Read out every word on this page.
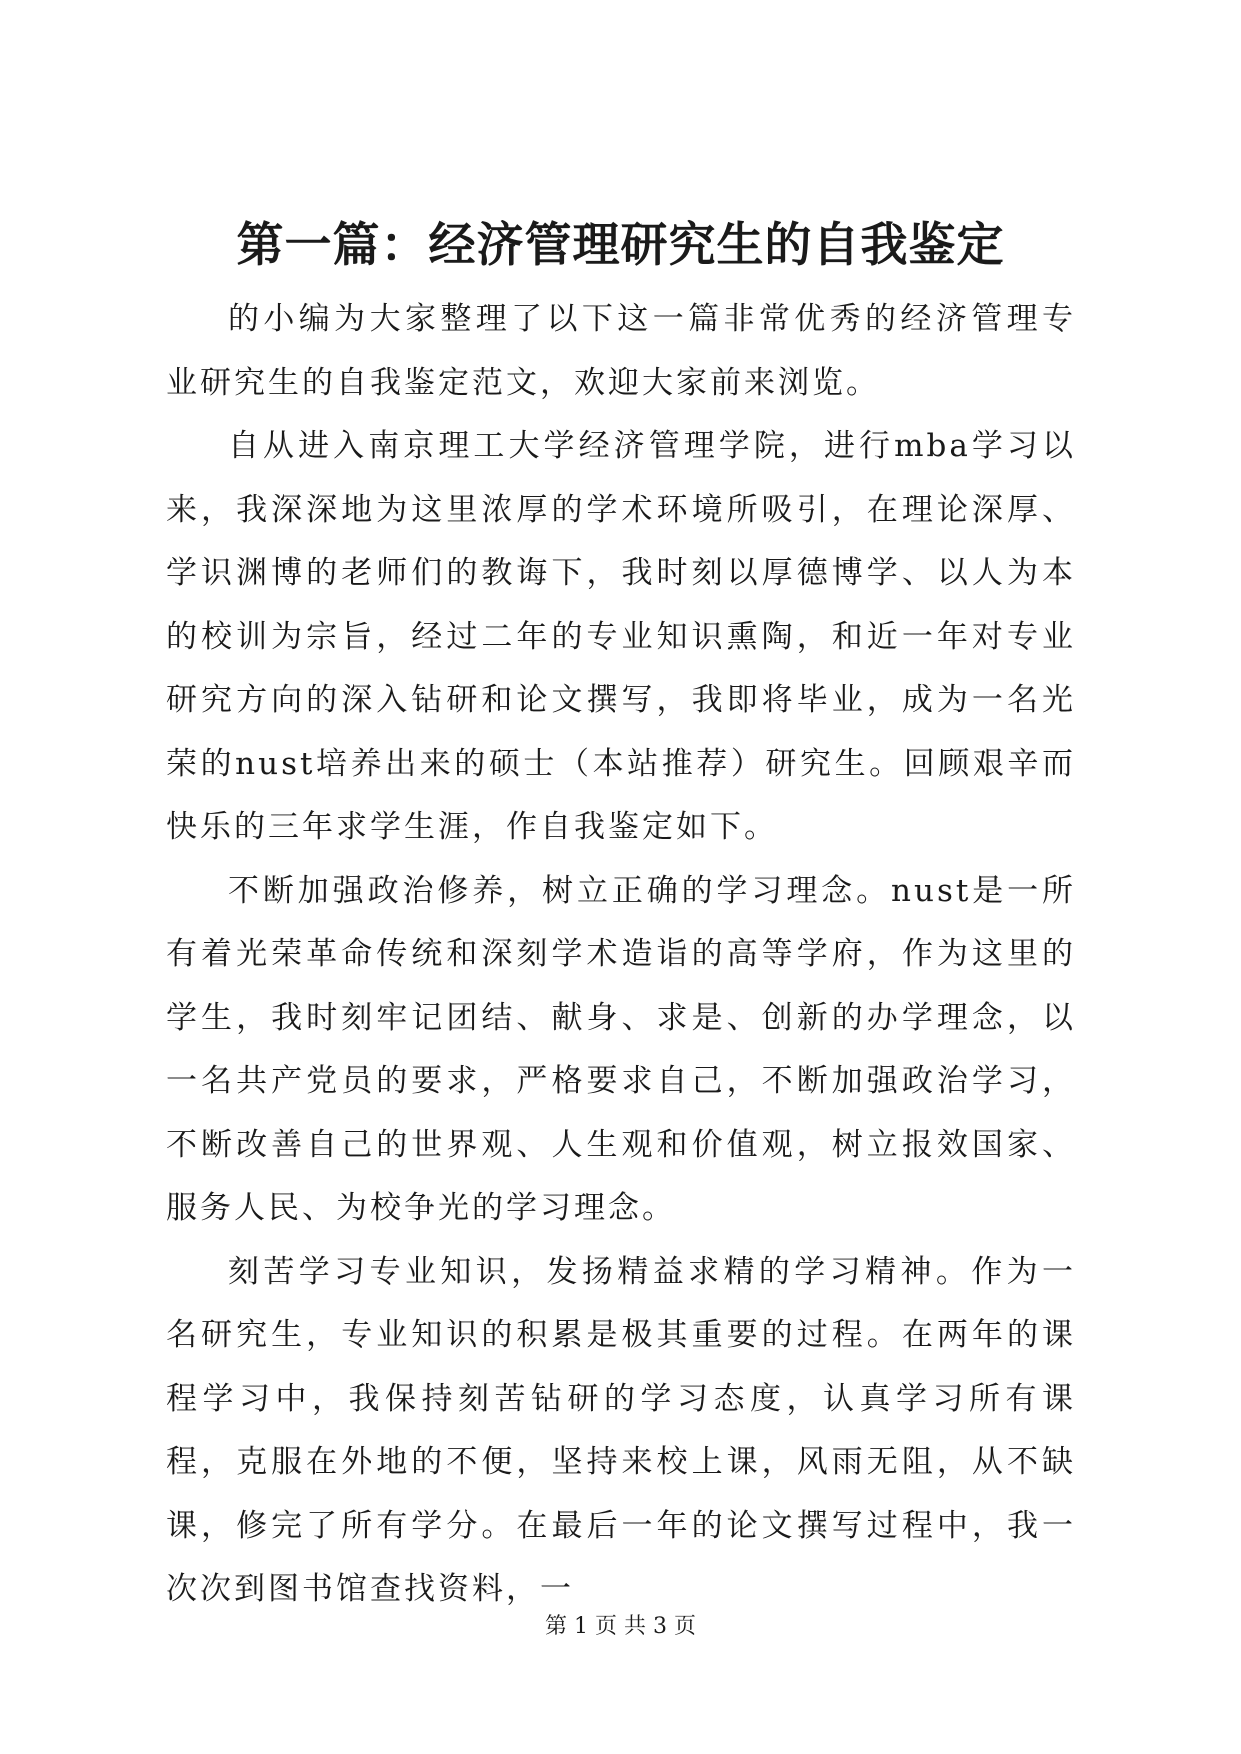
第一篇：经济管理研究生的自我鉴定

的小编为大家整理了以下这一篇非常优秀的经济管理专业研究生的自我鉴定范文，欢迎大家前来浏览。

自从进入南京理工大学经济管理学院，进行mba学习以来，我深深地为这里浓厚的学术环境所吸引，在理论深厚、学识渊博的老师们的教诲下，我时刻以厚德博学、以人为本的校训为宗旨，经过二年的专业知识熏陶，和近一年对专业研究方向的深入钻研和论文撰写，我即将毕业，成为一名光荣的nust培养出来的硕士（本站推荐）研究生。回顾艰辛而快乐的三年求学生涯，作自我鉴定如下。

不断加强政治修养，树立正确的学习理念。nust是一所有着光荣革命传统和深刻学术造诣的高等学府，作为这里的学生，我时刻牢记团结、献身、求是、创新的办学理念，以一名共产党员的要求，严格要求自己，不断加强政治学习，不断改善自己的世界观、人生观和价值观，树立报效国家、服务人民、为校争光的学习理念。

刻苦学习专业知识，发扬精益求精的学习精神。作为一名研究生，专业知识的积累是极其重要的过程。在两年的课程学习中，我保持刻苦钻研的学习态度，认真学习所有课程，克服在外地的不便，坚持来校上课，风雨无阻，从不缺课，修完了所有学分。在最后一年的论文撰写过程中，我一次次到图书馆查找资料，一

第 1 页 共 3 页
